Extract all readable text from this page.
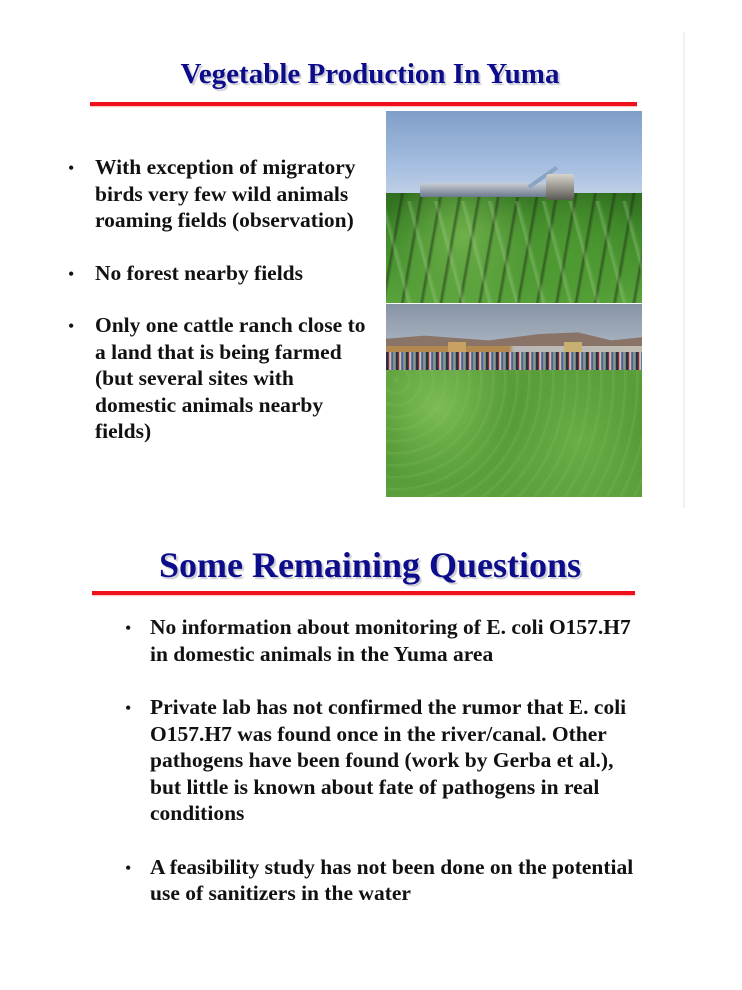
Vegetable Production In Yuma
• With exception of migratory birds very few wild animals roaming fields (observation)
• No forest nearby fields
• Only one cattle ranch close to a land that is being farmed (but several sites with domestic animals nearby fields)
Some Remaining Questions
• No information about monitoring of E. coli O157.H7 in domestic animals in the Yuma area
• Private lab has not confirmed the rumor that E. coli O157.H7 was found once in the river/canal. Other pathogens have been found (work by Gerba et al.), but little is known about fate of pathogens in real conditions
• A feasibility study has not been done on the potential use of sanitizers in the water
